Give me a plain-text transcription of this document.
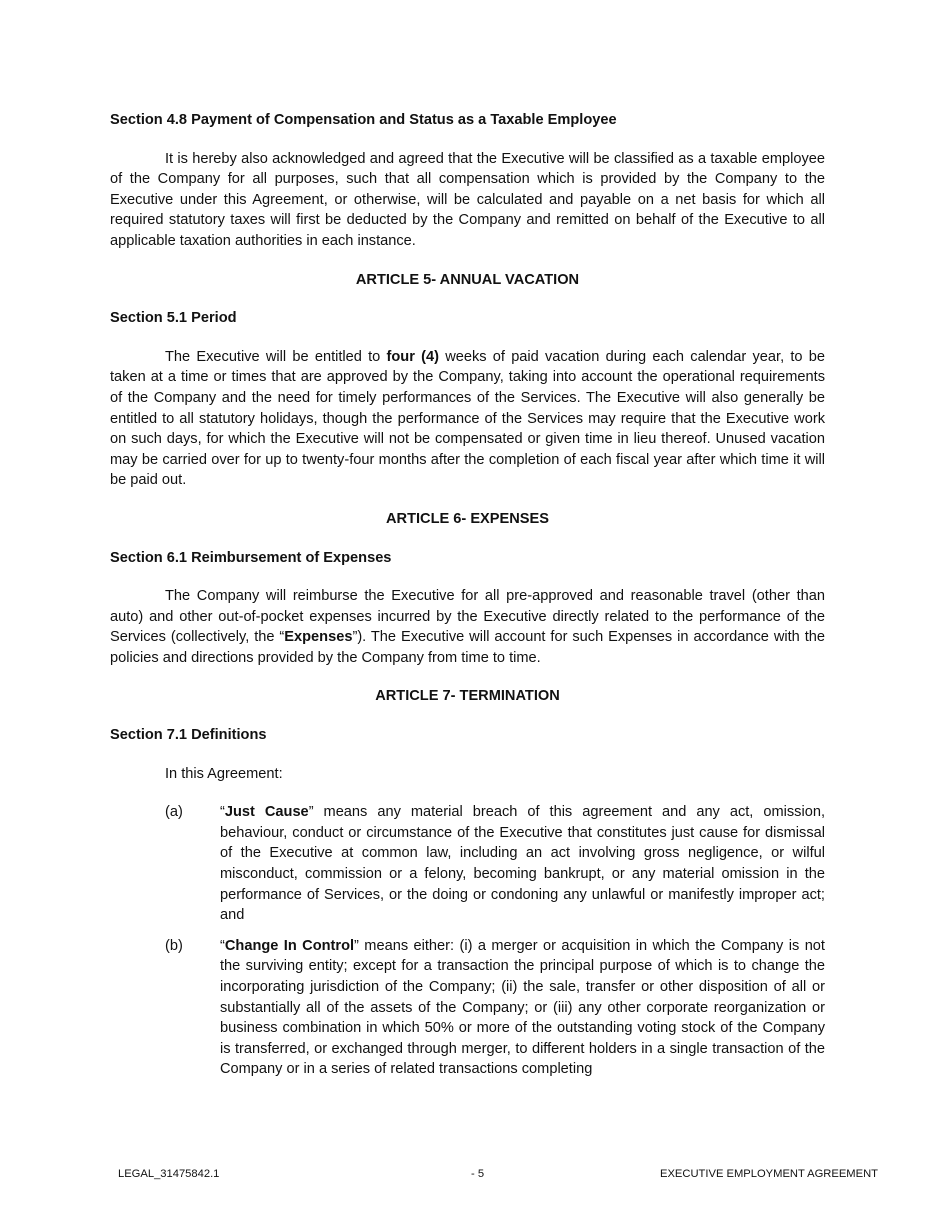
Section 4.8 Payment of Compensation and Status as a Taxable Employee

It is hereby also acknowledged and agreed that the Executive will be classified as a taxable employee of the Company for all purposes, such that all compensation which is provided by the Company to the Executive under this Agreement, or otherwise, will be calculated and payable on a net basis for which all required statutory taxes will first be deducted by the Company and remitted on behalf of the Executive to all applicable taxation authorities in each instance.

ARTICLE 5- ANNUAL VACATION

Section 5.1 Period

The Executive will be entitled to four (4) weeks of paid vacation during each calendar year, to be taken at a time or times that are approved by the Company, taking into account the operational requirements of the Company and the need for timely performances of the Services. The Executive will also generally be entitled to all statutory holidays, though the performance of the Services may require that the Executive work on such days, for which the Executive will not be compensated or given time in lieu thereof. Unused vacation may be carried over for up to twenty-four months after the completion of each fiscal year after which time it will be paid out.

ARTICLE 6- EXPENSES

Section 6.1 Reimbursement of Expenses

The Company will reimburse the Executive for all pre-approved and reasonable travel (other than auto) and other out-of-pocket expenses incurred by the Executive directly related to the performance of the Services (collectively, the “Expenses”). The Executive will account for such Expenses in accordance with the policies and directions provided by the Company from time to time.

ARTICLE 7- TERMINATION

Section 7.1 Definitions

In this Agreement:

(a)	“Just Cause” means any material breach of this agreement and any act, omission, behaviour, conduct or circumstance of the Executive that constitutes just cause for dismissal of the Executive at common law, including an act involving gross negligence, or wilful misconduct, commission or a felony, becoming bankrupt, or any material omission in the performance of Services, or the doing or condoning any unlawful or manifestly improper act; and
(b)	“Change In Control” means either: (i) a merger or acquisition in which the Company is not the surviving entity; except for a transaction the principal purpose of which is to change the incorporating jurisdiction of the Company; (ii) the sale, transfer or other disposition of all or substantially all of the assets of the Company; or (iii) any other corporate reorganization or business combination in which 50% or more of the outstanding voting stock of the Company is transferred, or exchanged through merger, to different holders in a single transaction of the Company or in a series of related transactions completing
LEGAL_31475842.1	- 5	EXECUTIVE EMPLOYMENT AGREEMENT
